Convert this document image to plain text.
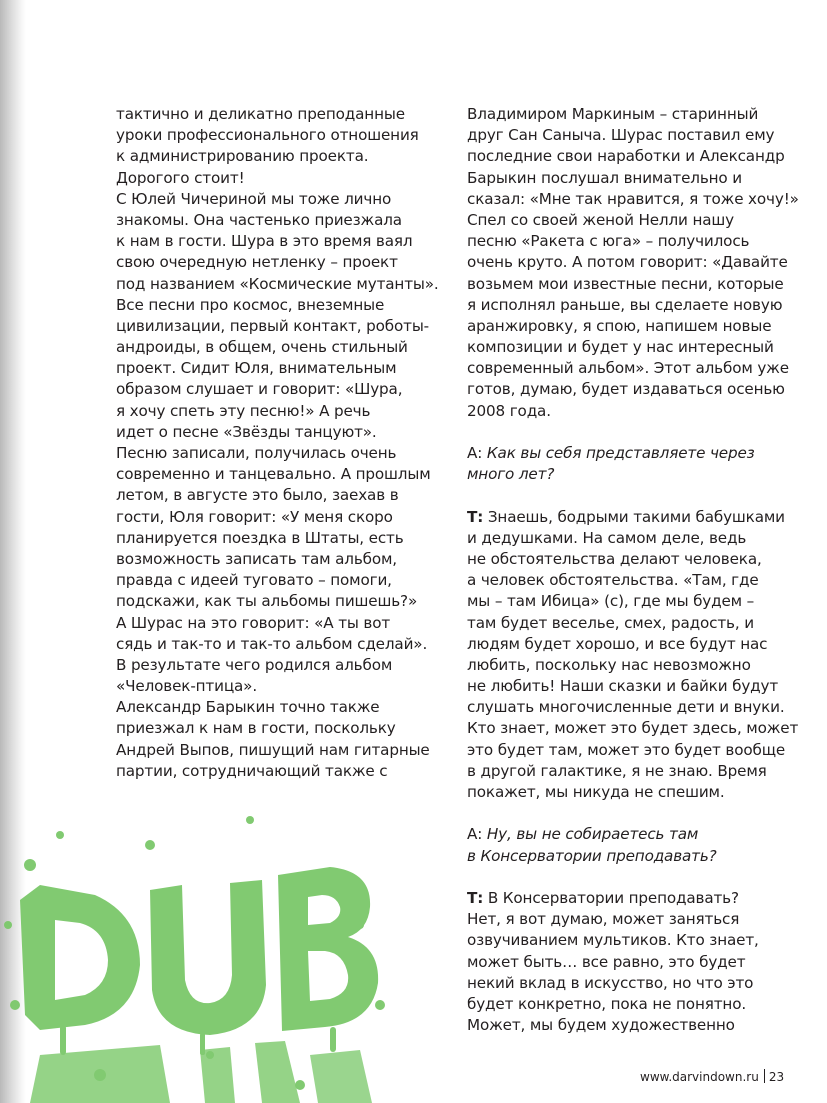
тактично и деликатно преподанные
уроки профессионального отношения
к администрированию проекта.
Дорогого стоит!
С Юлей Чичериной мы тоже лично
знакомы. Она частенько приезжала
к нам в гости. Шура в это время ваял
свою очередную нетленку – проект
под названием «Космические мутанты».
Все песни про космос, внеземные
цивилизации, первый контакт, роботы-
андроиды, в общем, очень стильный
проект. Сидит Юля, внимательным
образом слушает и говорит: «Шура,
я хочу спеть эту песню!» А речь
идет о песне «Звёзды танцуют».
Песню записали, получилась очень
современно и танцевально. А прошлым
летом, в августе это было, заехав в
гости, Юля говорит: «У меня скоро
планируется поездка в Штаты, есть
возможность записать там альбом,
правда с идеей туговато – помоги,
подскажи, как ты альбомы пишешь?»
А Шурас на это говорит: «А ты вот
сядь и так-то и так-то альбом сделай».
В результате чего родился альбом
«Человек-птица».
Александр Барыкин точно также
приезжал к нам в гости, поскольку
Андрей Выпов, пишущий нам гитарные
партии, сотрудничающий также с
Владимиром Маркиным – старинный
друг Сан Саныча. Шурас поставил ему
последние свои наработки и Александр
Барыкин послушал внимательно и
сказал: «Мне так нравится, я тоже хочу!»
Спел со своей женой Нелли нашу
песню «Ракета с юга» – получилось
очень круто. А потом говорит: «Давайте
возьмем мои известные песни, которые
я исполнял раньше, вы сделаете новую
аранжировку, я спою, напишем новые
композиции и будет у нас интересный
современный альбом». Этот альбом уже
готов, думаю, будет издаваться осенью
2008 года.
А: Как вы себя представляете через
много лет?
Т: Знаешь, бодрыми такими бабушками
и дедушками. На самом деле, ведь
не обстоятельства делают человека,
а человек обстоятельства. «Там, где
мы – там Ибица» (с), где мы будем –
там будет веселье, смех, радость, и
людям будет хорошо, и все будут нас
любить, поскольку нас невозможно
не любить! Наши сказки и байки будут
слушать многочисленные дети и внуки.
Кто знает, может это будет здесь, может
это будет там, может это будет вообще
в другой галактике, я не знаю. Время
покажет, мы никуда не спешим.
А: Ну, вы не собираетесь там
в Консерватории преподавать?
Т: В Консерватории преподавать?
Нет, я вот думаю, может заняться
озвучиванием мультиков. Кто знает,
может быть… все равно, это будет
некий вклад в искусство, но что это
будет конкретно, пока не понятно.
Может, мы будем художественно
www.darvindown.ru 23
